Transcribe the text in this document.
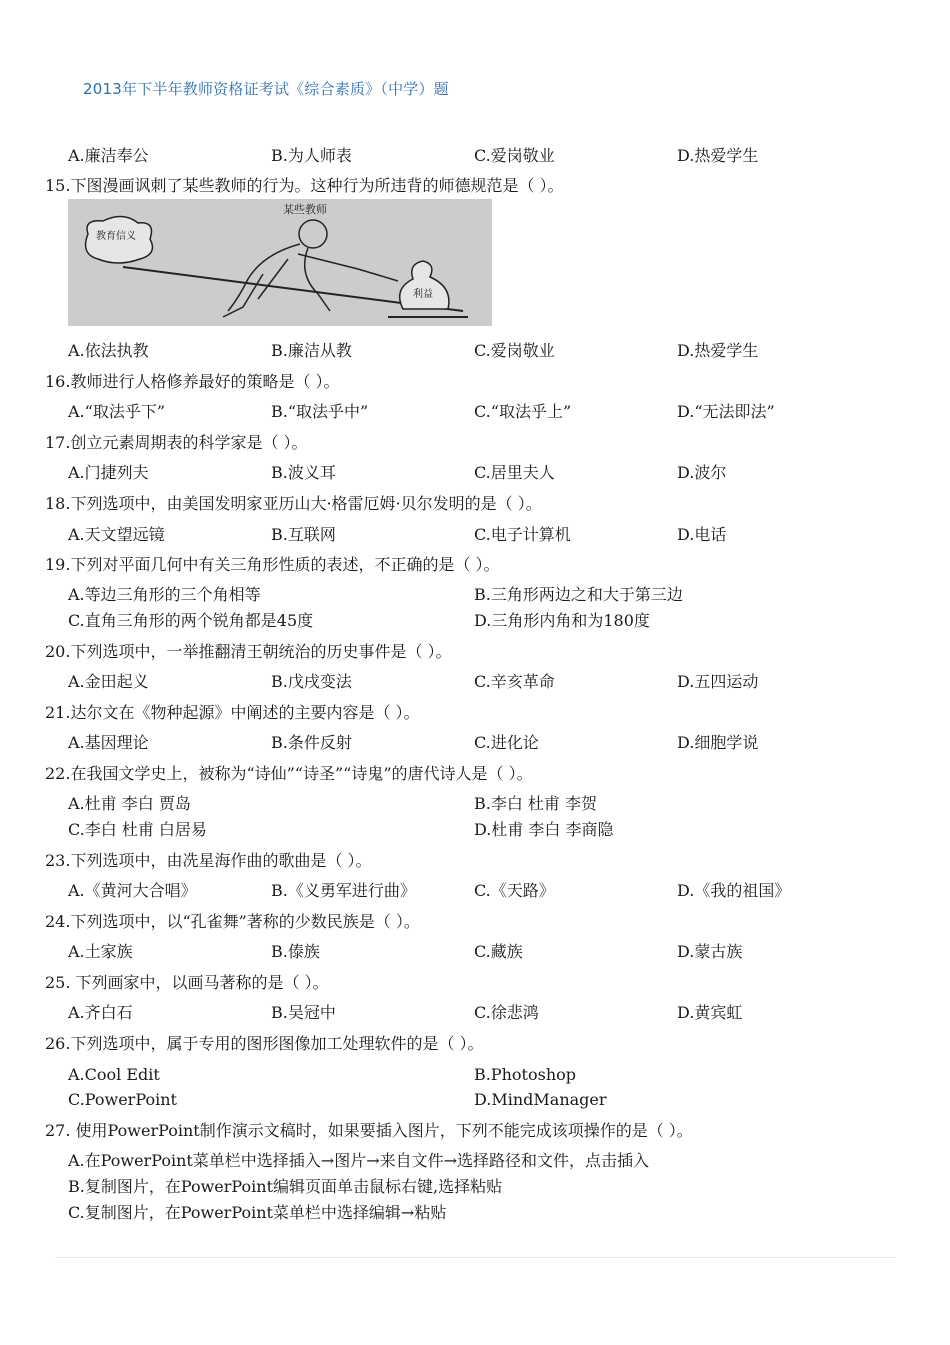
2013年下半年教师资格证考试《综合素质》（中学）题
A.廉洁奉公	B.为人师表	C.爱岗敬业	D.热爱学生
15.下图漫画讽刺了某些教师的行为。这种行为所违背的师德规范是（ ）。
某些教师
教育信义
利益
A.依法执教	B.廉洁从教	C.爱岗敬业	D.热爱学生
16.教师进行人格修养最好的策略是（ ）。
A.“取法乎下”	B.“取法乎中”	C.“取法乎上”	D.“无法即法”
17.创立元素周期表的科学家是（ ）。
A.门捷列夫	B.波义耳	C.居里夫人	D.波尔
18.下列选项中，由美国发明家亚历山大·格雷厄姆·贝尔发明的是（ ）。
A.天文望远镜	B.互联网	C.电子计算机	D.电话
19.下列对平面几何中有关三角形性质的表述，不正确的是（ ）。
A.等边三角形的三个角相等	B.三角形两边之和大于第三边
C.直角三角形的两个锐角都是45度	D.三角形内角和为180度
20.下列选项中，一举推翻清王朝统治的历史事件是（ ）。
A.金田起义	B.戊戌变法	C.辛亥革命	D.五四运动
21.达尔文在《物种起源》中阐述的主要内容是（ ）。
A.基因理论	B.条件反射	C.进化论	D.细胞学说
22.在我国文学史上，被称为“诗仙”“诗圣”“诗鬼”的唐代诗人是（ ）。
A.杜甫 李白 贾岛	B.李白 杜甫 李贺
C.李白 杜甫 白居易	D.杜甫 李白 李商隐
23.下列选项中，由冼星海作曲的歌曲是（ ）。
A.《黄河大合唱》	B.《义勇军进行曲》	C.《天路》	D.《我的祖国》
24.下列选项中，以“孔雀舞”著称的少数民族是（ ）。
A.土家族	B.傣族	C.藏族	D.蒙古族
25. 下列画家中，以画马著称的是（ ）。
A.齐白石	B.吴冠中	C.徐悲鸿	D.黄宾虹
26.下列选项中，属于专用的图形图像加工处理软件的是（ ）。
A.Cool Edit	B.Photoshop
C.PowerPoint	D.MindManager
27. 使用PowerPoint制作演示文稿时，如果要插入图片，下列不能完成该项操作的是（ ）。
A.在PowerPoint菜单栏中选择插入→图片→来自文件→选择路径和文件，点击插入
B.复制图片，在PowerPoint编辑页面单击鼠标右键,选择粘贴
C.复制图片，在PowerPoint菜单栏中选择编辑→粘贴
